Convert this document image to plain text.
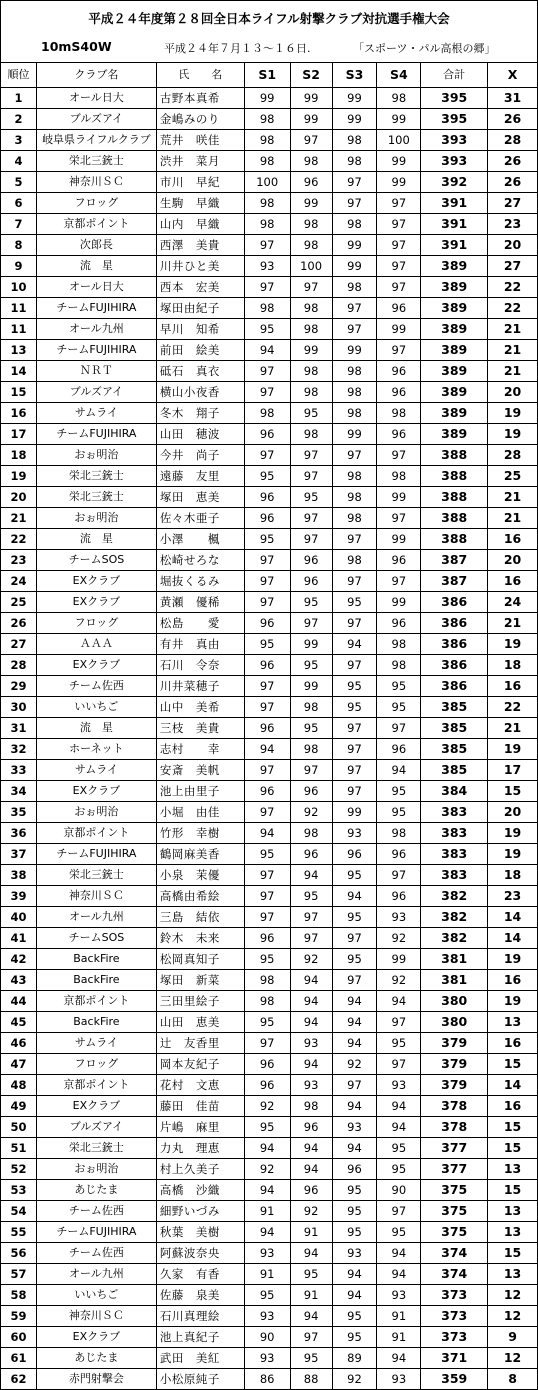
平成２４年度第２８回全日本ライフル射撃クラブ対抗選手権大会
10mS40W	平成２４年７月１３～１６日.	「スポーツ・パル高根の郷」
順位	クラブ名	氏　　名	S1	S2	S3	S4	合計	X
1	オール日大	古野本真希	99	99	99	98	395	31
2	ブルズアイ	金嶋みのり	98	99	99	99	395	26
3	岐阜県ライフルクラブ	荒井　咲佳	98	97	98	100	393	28
4	栄北三銃士	渋井　菜月	98	98	98	99	393	26
5	神奈川ＳＣ	市川　早紀	100	96	97	99	392	26
6	フロッグ	生駒　早織	98	99	97	97	391	27
7	京都ポイント	山内　早織	98	98	98	97	391	23
8	次郎長	西澤　美貴	97	98	99	97	391	20
9	流　星	川井ひと美	93	100	99	97	389	27
10	オール日大	西本　宏美	97	97	98	97	389	22
11	チームFUJIHIRA	塚田由紀子	98	98	97	96	389	22
11	オール九州	早川　知希	95	98	97	99	389	21
13	チームFUJIHIRA	前田　絵美	94	99	99	97	389	21
14	ＮＲＴ	砥石　真衣	97	98	98	96	389	21
15	ブルズアイ	横山小夜香	97	98	98	96	389	20
16	サムライ	冬木　翔子	98	95	98	98	389	19
17	チームFUJIHIRA	山田　穂波	96	98	99	96	389	19
18	おぉ明治	今井　尚子	97	97	97	97	388	28
19	栄北三銃士	遠藤　友里	95	97	98	98	388	25
20	栄北三銃士	塚田　恵美	96	95	98	99	388	21
21	おぉ明治	佐々木亜子	96	97	98	97	388	21
22	流　星	小澤　　楓	95	97	97	99	388	16
23	チームSOS	松崎せろな	97	96	98	96	387	20
24	EXクラブ	堀抜くるみ	97	96	97	97	387	16
25	EXクラブ	黄瀬　優稀	97	95	95	99	386	24
26	フロッグ	松島　　愛	96	97	97	96	386	21
27	ＡＡＡ	有井　真由	95	99	94	98	386	19
28	EXクラブ	石川　令奈	96	95	97	98	386	18
29	チーム佐西	川井菜穂子	97	99	95	95	386	16
30	いいちご	山中　美希	97	98	95	95	385	22
31	流　星	三枝　美貴	96	95	97	97	385	21
32	ホーネット	志村　　幸	94	98	97	96	385	19
33	サムライ	安斎　美帆	97	97	97	94	385	17
34	EXクラブ	池上由里子	96	96	97	95	384	15
35	おぉ明治	小堀　由佳	97	92	99	95	383	20
36	京都ポイント	竹形　幸樹	94	98	93	98	383	19
37	チームFUJIHIRA	鶴岡麻美香	95	96	96	96	383	19
38	栄北三銃士	小泉　茉優	97	94	95	97	383	18
39	神奈川ＳＣ	高橋由希絵	97	95	94	96	382	23
40	オール九州	三島　結依	97	97	95	93	382	14
41	チームSOS	鈴木　未来	96	97	97	92	382	14
42	BackFire	松岡真知子	95	92	95	99	381	19
43	BackFire	塚田　新菜	98	94	97	92	381	16
44	京都ポイント	三田里絵子	98	94	94	94	380	19
45	BackFire	山田　恵美	95	94	94	97	380	13
46	サムライ	辻　友香里	97	93	94	95	379	16
47	フロッグ	岡本友紀子	96	94	92	97	379	15
48	京都ポイント	花村　文恵	96	93	97	93	379	14
49	EXクラブ	藤田　佳苗	92	98	94	94	378	16
50	ブルズアイ	片嶋　麻里	95	96	93	94	378	15
51	栄北三銃士	力丸　理恵	94	94	94	95	377	15
52	おぉ明治	村上久美子	92	94	96	95	377	13
53	あじたま	高橋　沙織	94	96	95	90	375	15
54	チーム佐西	細野いづみ	91	92	95	97	375	13
55	チームFUJIHIRA	秋葉　美樹	94	91	95	95	375	13
56	チーム佐西	阿蘇波奈央	93	94	93	94	374	15
57	オール九州	久家　有香	91	95	94	94	374	13
58	いいちご	佐藤　泉美	95	91	94	93	373	12
59	神奈川ＳＣ	石川真理絵	93	94	95	91	373	12
60	EXクラブ	池上真紀子	90	97	95	91	373	9
61	あじたま	武田　美紅	93	95	89	94	371	12
62	赤門射撃会	小松原純子	86	88	92	93	359	8
